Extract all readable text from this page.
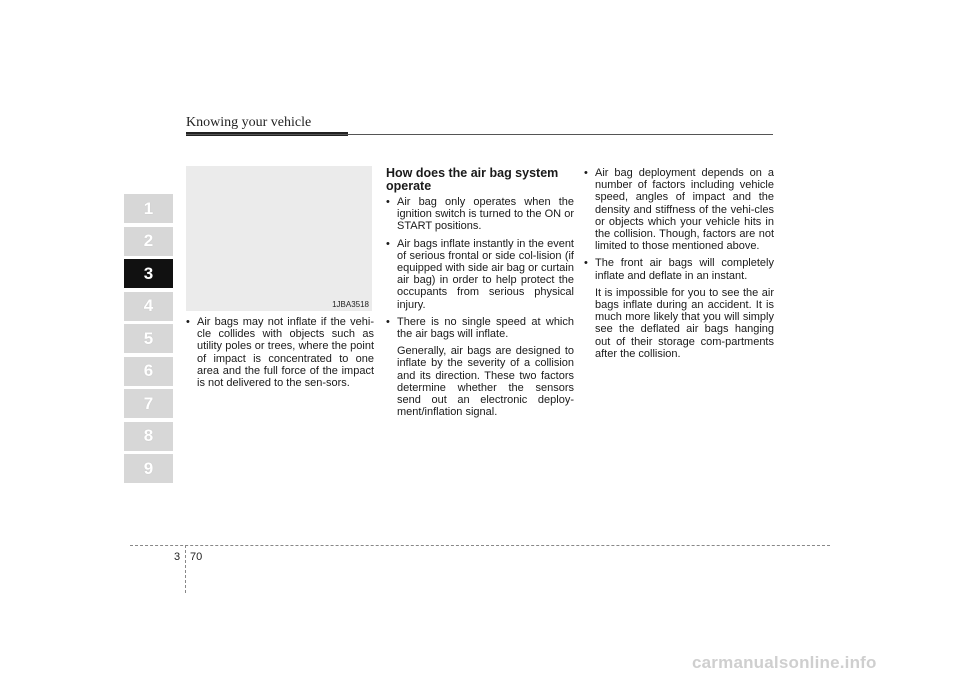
Knowing your vehicle
1
2
3
4
5
6
7
8
9
1JBA3518

• Air bags may not inflate if the vehi-cle collides with objects such as utility poles or trees, where the point of impact is concentrated to one area and the full force of the impact is not delivered to the sen-sors.

How does the air bag system operate

• Air bag only operates when the ignition switch is turned to the ON or START positions.

• Air bags inflate instantly in the event of serious frontal or side col-lision (if equipped with side air bag or curtain air bag) in order to help protect the occupants from serious physical injury.

• There is no single speed at which the air bags will inflate.

Generally, air bags are designed to inflate by the severity of a collision and its direction. These two factors determine whether the sensors send out an electronic deploy-ment/inflation signal.

• Air bag deployment depends on a number of factors including vehicle speed, angles of impact and the density and stiffness of the vehi-cles or objects which your vehicle hits in the collision. Though, factors are not limited to those mentioned above.

• The front air bags will completely inflate and deflate in an instant.

It is impossible for you to see the air bags inflate during an accident. It is much more likely that you will simply see the deflated air bags hanging out of their storage com-partments after the collision.

3 70
carmanualsonline.info
